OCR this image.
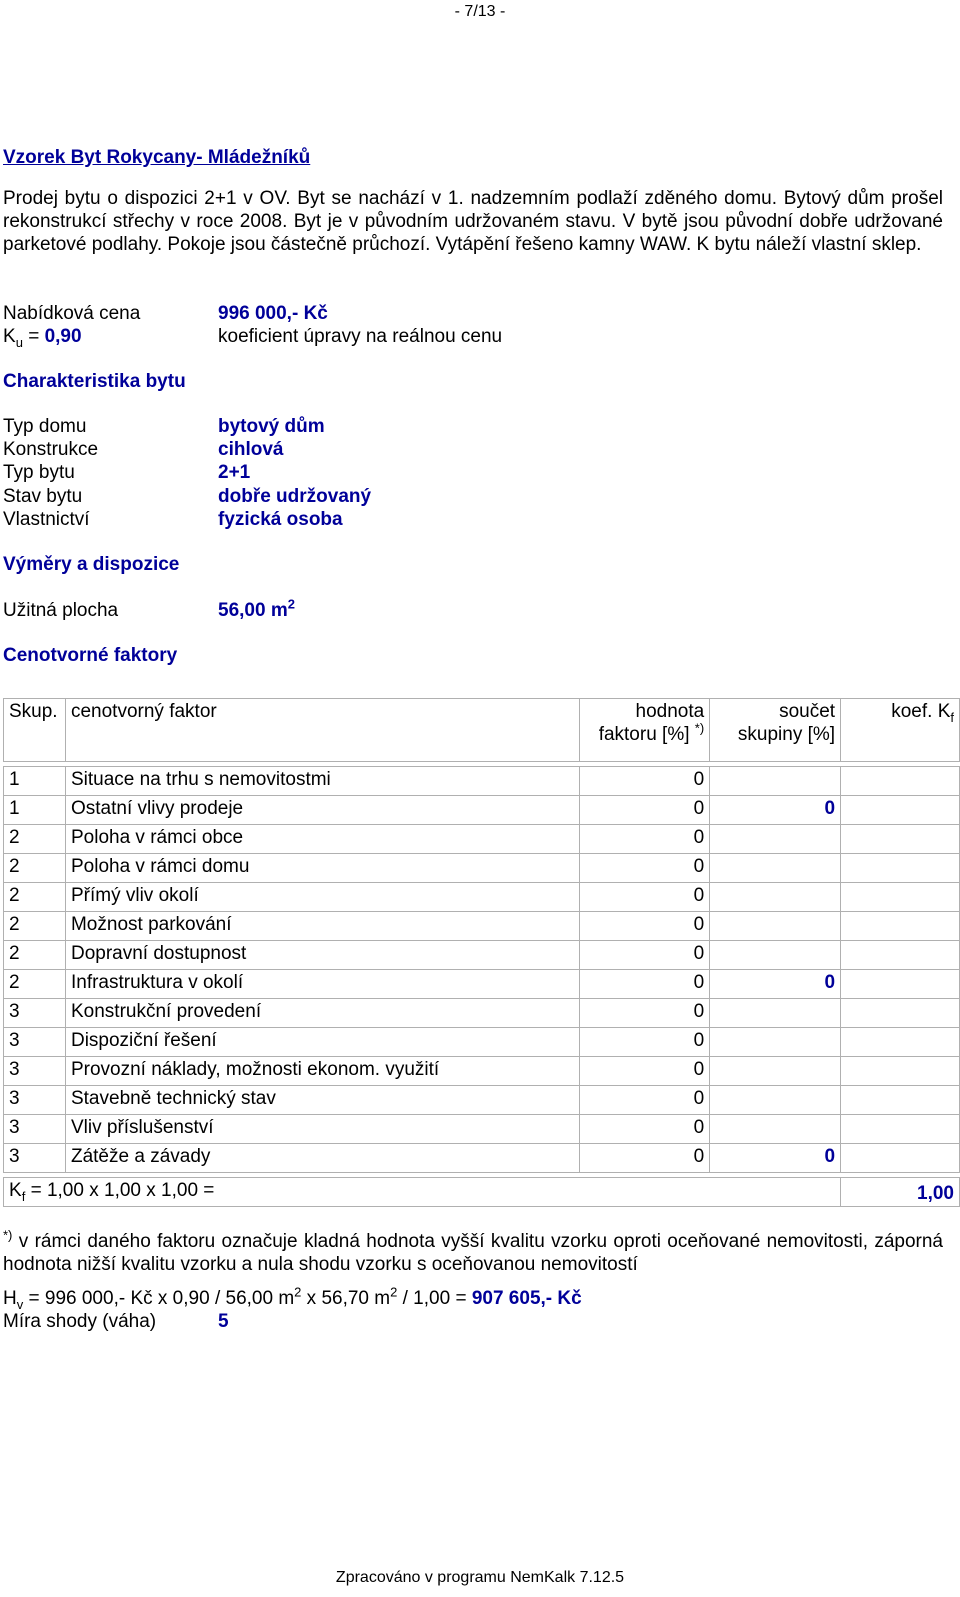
- 7/13 -
Vzorek Byt Rokycany- Mládežníků
Prodej bytu o dispozici 2+1 v OV. Byt se nachází v 1. nadzemním podlaží zděného domu. Bytový dům prošel rekonstrukcí střechy v roce 2008. Byt je v původním udržovaném stavu. V bytě jsou původní dobře udržované parketové podlahy. Pokoje jsou částečně průchozí. Vytápění řešeno kamny WAW. K bytu náleží vlastní sklep.
Nabídková cena	996 000,- Kč
$K_u = 0,90$	koeficient úpravy na reálnou cenu
Charakteristika bytu
Typ domu	bytový dům
Konstrukce	cihlová
Typ bytu	2+1
Stav bytu	dobře udržovaný
Vlastnictví	fyzická osoba
Výměry a dispozice
Užitná plocha	56,00 $m^2$
Cenotvorné faktory
Skup.	cenotvorný faktor	hodnota faktoru [%] *)	součet skupiny [%]	koef. $K_f$

1	Situace na trhu s nemovitostmi	0		
1	Ostatní vlivy prodeje	0	0	
2	Poloha v rámci obce	0		
2	Poloha v rámci domu	0		
2	Přímý vliv okolí	0		
2	Možnost parkování	0		
2	Dopravní dostupnost	0		
2	Infrastruktura v okolí	0	0	
3	Konstrukční provedení	0		
3	Dispoziční řešení	0		
3	Provozní náklady, možnosti ekonom. využití	0		
3	Stavebně technický stav	0		
3	Vliv příslušenství	0		
3	Zátěže a závady	0	0	

$K_f = 1,00$ x 1,00 x 1,00 =				1,00
*) v rámci daného faktoru označuje kladná hodnota vyšší kvalitu vzorku oproti oceňované nemovitosti, záporná hodnota nižší kvalitu vzorku a nula shodu vzorku s oceňovanou nemovitostí
$H_v = 996$ 000,- Kč x 0,90 / 56,00 $m^2$ x 56,70 $m^2 / 1,00 = 907$ 605,- Kč
Míra shody (váha)	5
Zpracováno v programu NemKalk 7.12.5
